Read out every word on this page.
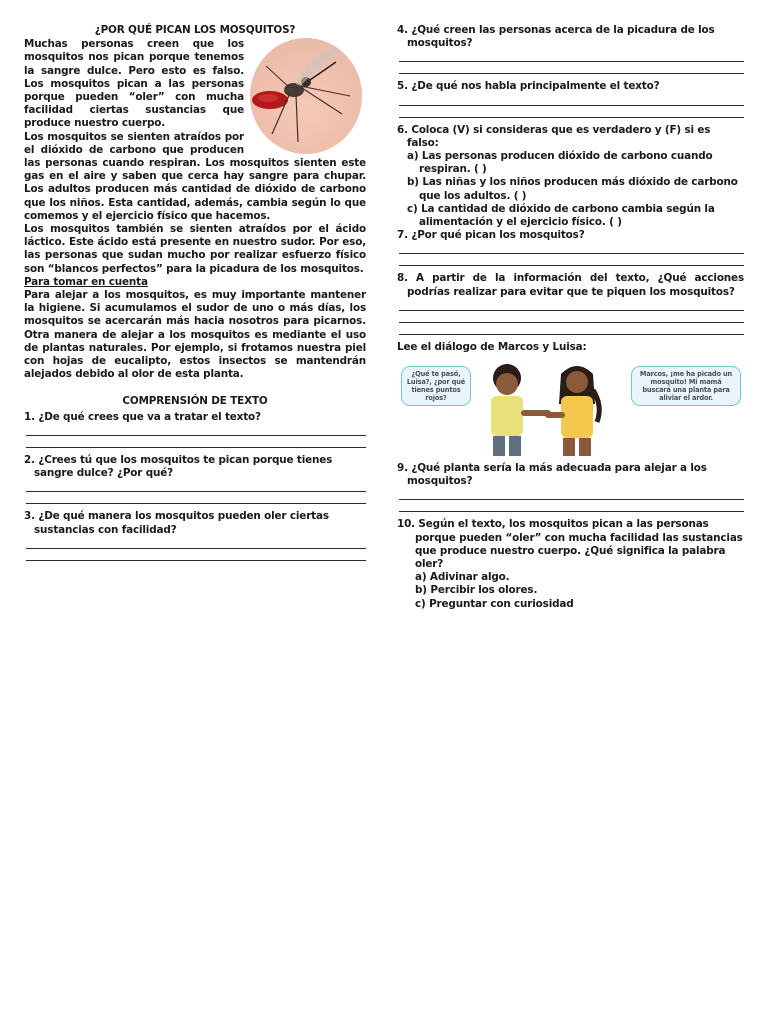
¿POR QUÉ PICAN LOS MOSQUITOS?

Muchas personas creen que los mosquitos nos pican porque tenemos la sangre dulce. Pero esto es falso. Los mosquitos pican a las personas porque pueden “oler” con mucha facilidad ciertas sustancias que produce nuestro cuerpo.

Los mosquitos se sienten atraídos por el dióxido de carbono que producen las personas cuando respiran. Los mosquitos sienten este gas en el aire y saben que cerca hay sangre para chupar. Los adultos producen más cantidad de dióxido de carbono que los niños. Esta cantidad, además, cambia según lo que comemos y el ejercicio físico que hacemos.

Los mosquitos también se sienten atraídos por el ácido láctico. Este ácido está presente en nuestro sudor. Por eso, las personas que sudan mucho por realizar esfuerzo físico son “blancos perfectos” para la picadura de los mosquitos.

Para tomar en cuenta

Para alejar a los mosquitos, es muy importante mantener la higiene. Si acumulamos el sudor de uno o más días, los mosquitos se acercarán más hacia nosotros para picarnos. Otra manera de alejar a los mosquitos es mediante el uso de plantas naturales. Por ejemplo, si frotamos nuestra piel con hojas de eucalipto, estos insectos se mantendrán alejados debido al olor de esta planta.

COMPRENSIÓN DE TEXTO

1. ¿De qué crees que va a tratar el texto?

2. ¿Crees tú que los mosquitos te pican porque tienes sangre dulce? ¿Por qué?

3. ¿De qué manera los mosquitos pueden oler ciertas sustancias con facilidad?

4. ¿Qué creen las personas acerca de la picadura de los mosquitos?

5. ¿De qué nos habla principalmente el texto?

6. Coloca (V) si consideras que es verdadero y (F) si es falso:

a) Las personas producen dióxido de carbono cuando respiran. ( )

b) Las niñas y los niños producen más dióxido de carbono que los adultos. ( )

c) La cantidad de dióxido de carbono cambia según la alimentación y el ejercicio físico. ( )

7. ¿Por qué pican los mosquitos?

8. A partir de la información del texto, ¿Qué acciones podrías realizar para evitar que te piquen los mosquitos?

Lee el diálogo de Marcos y Luisa:

¿Qué te pasó, Luisa?, ¿por qué tienes puntos rojos?
Marcos, ¡me ha picado un mosquito! Mi mamá buscará una planta para aliviar el ardor.

9. ¿Qué planta sería la más adecuada para alejar a los mosquitos?

10. Según el texto, los mosquitos pican a las personas porque pueden “oler” con mucha facilidad las sustancias que produce nuestro cuerpo. ¿Qué significa la palabra oler?

a) Adivinar algo.

b) Percibir los olores.

c) Preguntar con curiosidad
